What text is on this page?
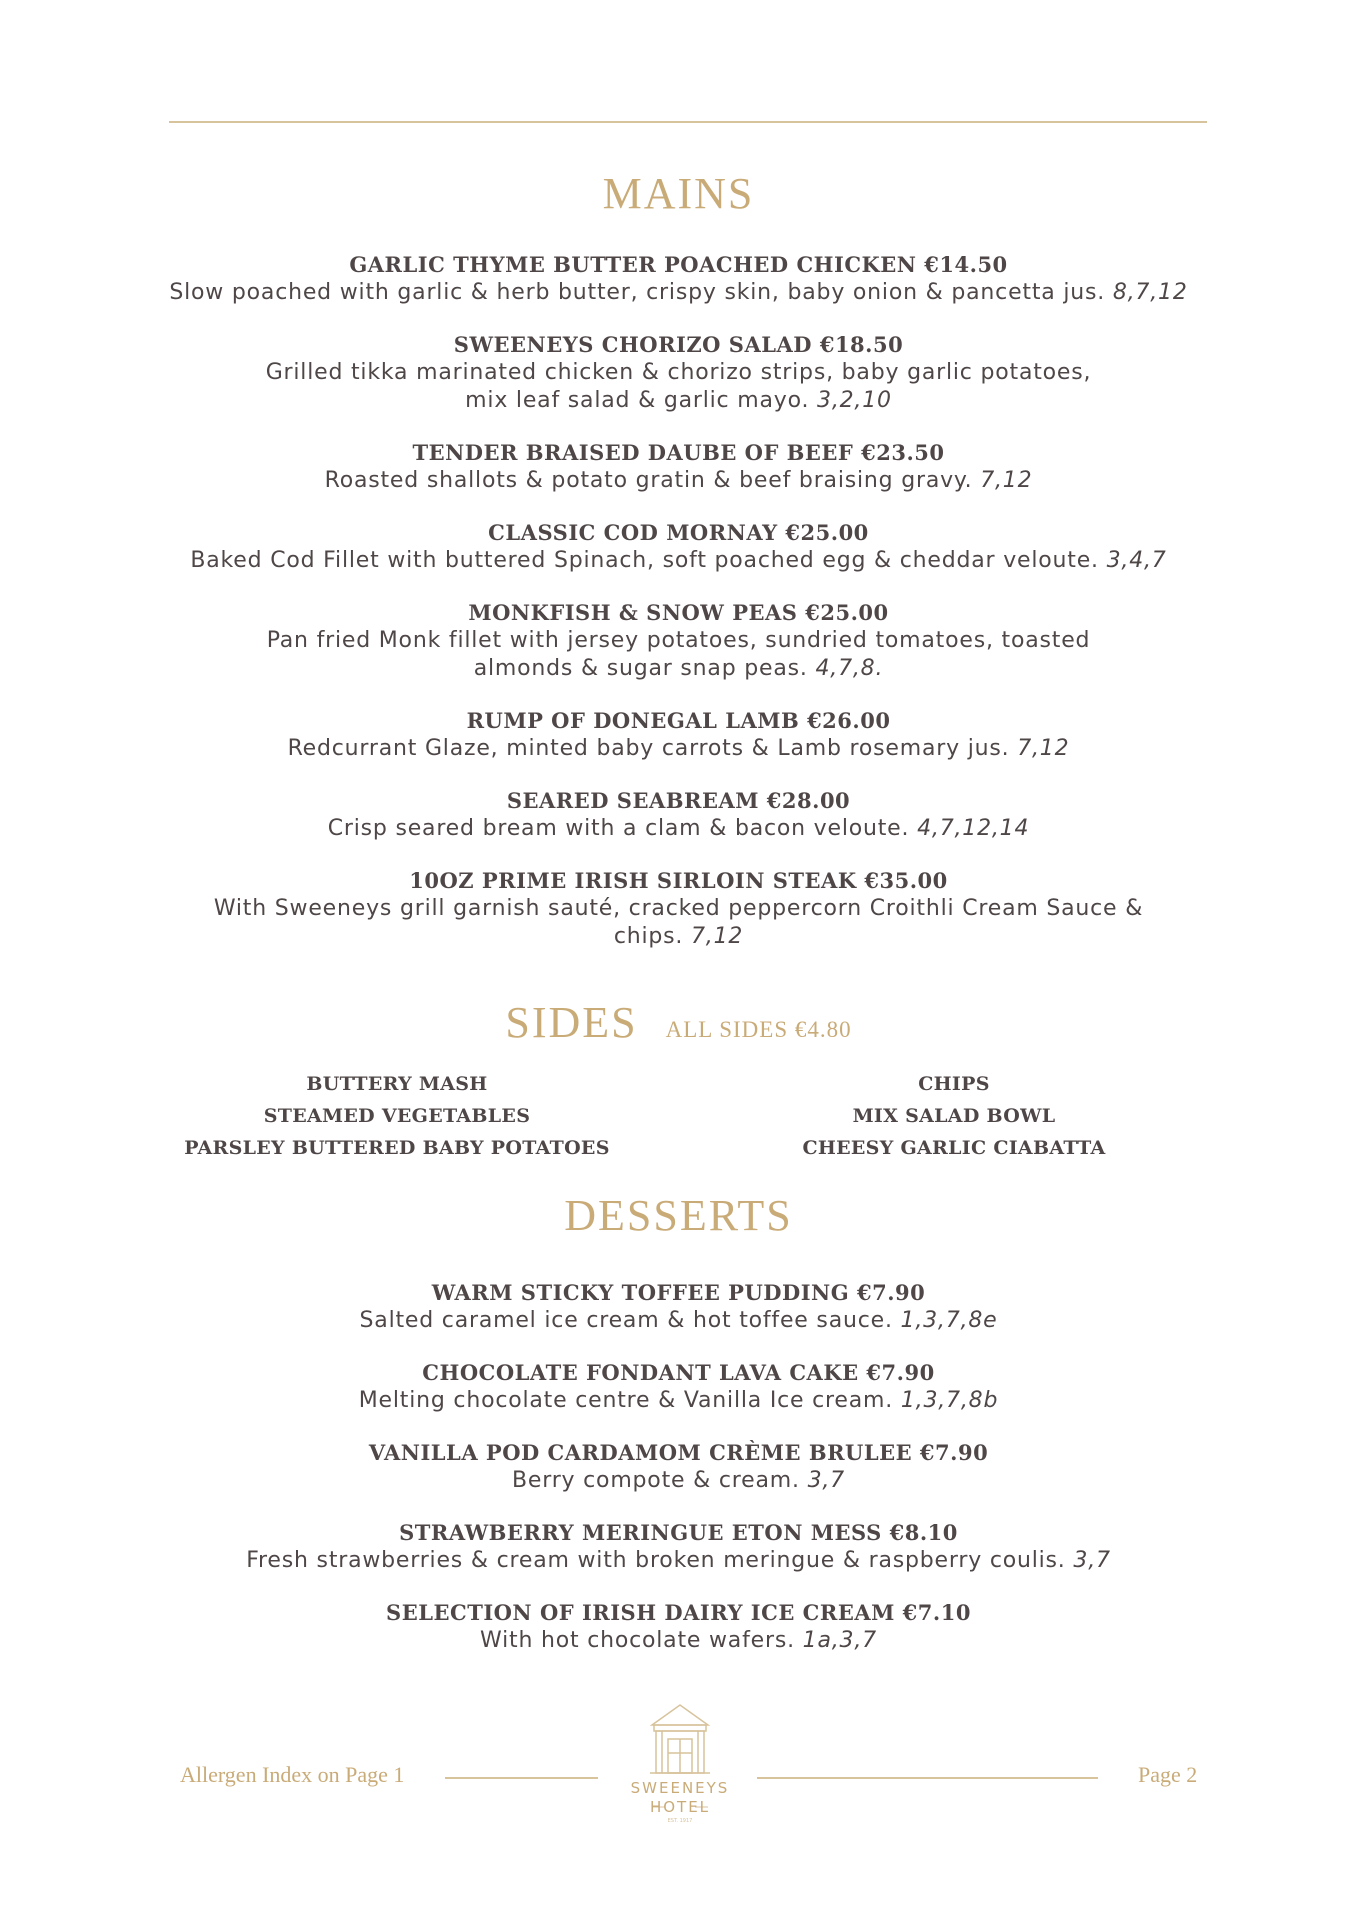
MAINS
GARLIC THYME BUTTER POACHED CHICKEN €14.50
Slow poached with garlic & herb butter, crispy skin, baby onion & pancetta jus. 8,7,12
SWEENEYS CHORIZO SALAD €18.50
Grilled tikka marinated chicken & chorizo strips, baby garlic potatoes, mix leaf salad & garlic mayo. 3,2,10
TENDER BRAISED DAUBE OF BEEF €23.50
Roasted shallots & potato gratin & beef braising gravy. 7,12
CLASSIC COD MORNAY €25.00
Baked Cod Fillet with buttered Spinach, soft poached egg & cheddar veloute. 3,4,7
MONKFISH & SNOW PEAS €25.00
Pan fried Monk fillet with jersey potatoes, sundried tomatoes, toasted almonds & sugar snap peas. 4,7,8.
RUMP OF DONEGAL LAMB €26.00
Redcurrant Glaze, minted baby carrots & Lamb rosemary jus. 7,12
SEARED SEABREAM €28.00
Crisp seared bream with a clam & bacon veloute. 4,7,12,14
10OZ PRIME IRISH SIRLOIN STEAK €35.00
With Sweeneys grill garnish sauté, cracked peppercorn Croithli Cream Sauce & chips. 7,12
SIDES ALL SIDES €4.80
BUTTERY MASH
STEAMED VEGETABLES
PARSLEY BUTTERED BABY POTATOES
CHIPS
MIX SALAD BOWL
CHEESY GARLIC CIABATTA
DESSERTS
WARM STICKY TOFFEE PUDDING €7.90
Salted caramel ice cream & hot toffee sauce. 1,3,7,8e
CHOCOLATE FONDANT LAVA CAKE €7.90
Melting chocolate centre & Vanilla Ice cream. 1,3,7,8b
VANILLA POD CARDAMOM CRÈME BRULEE €7.90
Berry compote & cream. 3,7
STRAWBERRY MERINGUE ETON MESS €8.10
Fresh strawberries & cream with broken meringue & raspberry coulis. 3,7
SELECTION OF IRISH DAIRY ICE CREAM €7.10
With hot chocolate wafers. 1a,3,7
Allergen Index on Page 1	Page 2
SWEENEYS
HOTEL
EST. 1917
